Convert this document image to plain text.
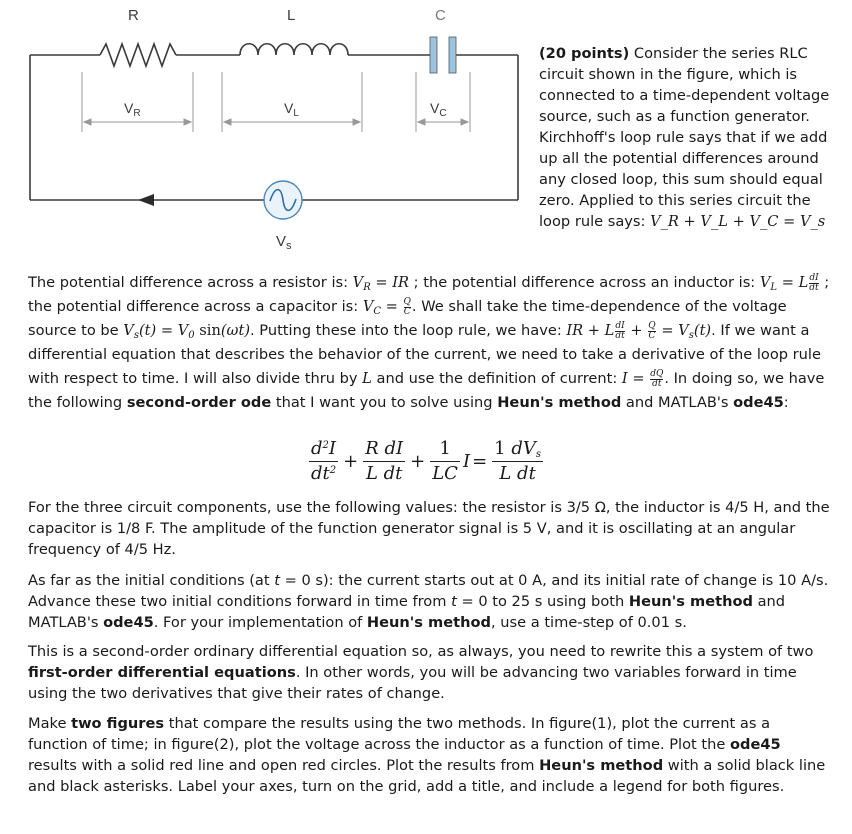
R	L	C
$V_R$	$V_L$	$V_C$
$V_s$
(20 points) Consider the series RLC circuit shown in the figure, which is connected to a time-dependent voltage source, such as a function generator. Kirchhoff's loop rule says that if we add up all the potential differences around any closed loop, this sum should equal zero. Applied to this series circuit the loop rule says: V_R + V_L + V_C = V_s

The potential difference across a resistor is: $V_R$ = IR ; the potential difference across an inductor is: $V_L = L \frac{dI}{dt}$ ; the potential difference across a capacitor is: $V_C = \frac{Q}{C}$ . We shall take the time-dependence of the voltage source to be $V_s(t) = V_0$ sin(ωt). Putting these into the loop rule, we have: IR + L $\frac{dI}{dt} + \frac{Q}{C} = V_s(t)$. If we want a differential equation that describes the behavior of the current, we need to take a derivative of the loop rule with respect to time. I will also divide thru by L and use the definition of current: $I = \frac{dQ}{dt}$ . In doing so, we have the following second-order ode that I want you to solve using Heun's method and MATLAB's ode45:

$\frac{d^2I}{dt^2} + \frac{\text{R dI}}{\text{L dt}} + \frac{1}{LC}$ I =
1 $dV_s$
L dt

For the three circuit components, use the following values: the resistor is 3/5 Ω, the inductor is 4/5 H, and the capacitor is 1/8 F. The amplitude of the function generator signal is 5 V, and it is oscillating at an angular frequency of 4/5 Hz.

As far as the initial conditions (at t = 0 s): the current starts out at 0 A, and its initial rate of change is 10 A/s. Advance these two initial conditions forward in time from t = 0 to 25 s using both Heun's method and MATLAB's ode45. For your implementation of Heun's method, use a time-step of 0.01 s.

This is a second-order ordinary differential equation so, as always, you need to rewrite this a system of two first-order differential equations. In other words, you will be advancing two variables forward in time using the two derivatives that give their rates of change.

Make two figures that compare the results using the two methods. In figure(1), plot the current as a function of time; in figure(2), plot the voltage across the inductor as a function of time. Plot the ode45 results with a solid red line and open red circles. Plot the results from Heun's method with a solid black line and black asterisks. Label your axes, turn on the grid, add a title, and include a legend for both figures.
